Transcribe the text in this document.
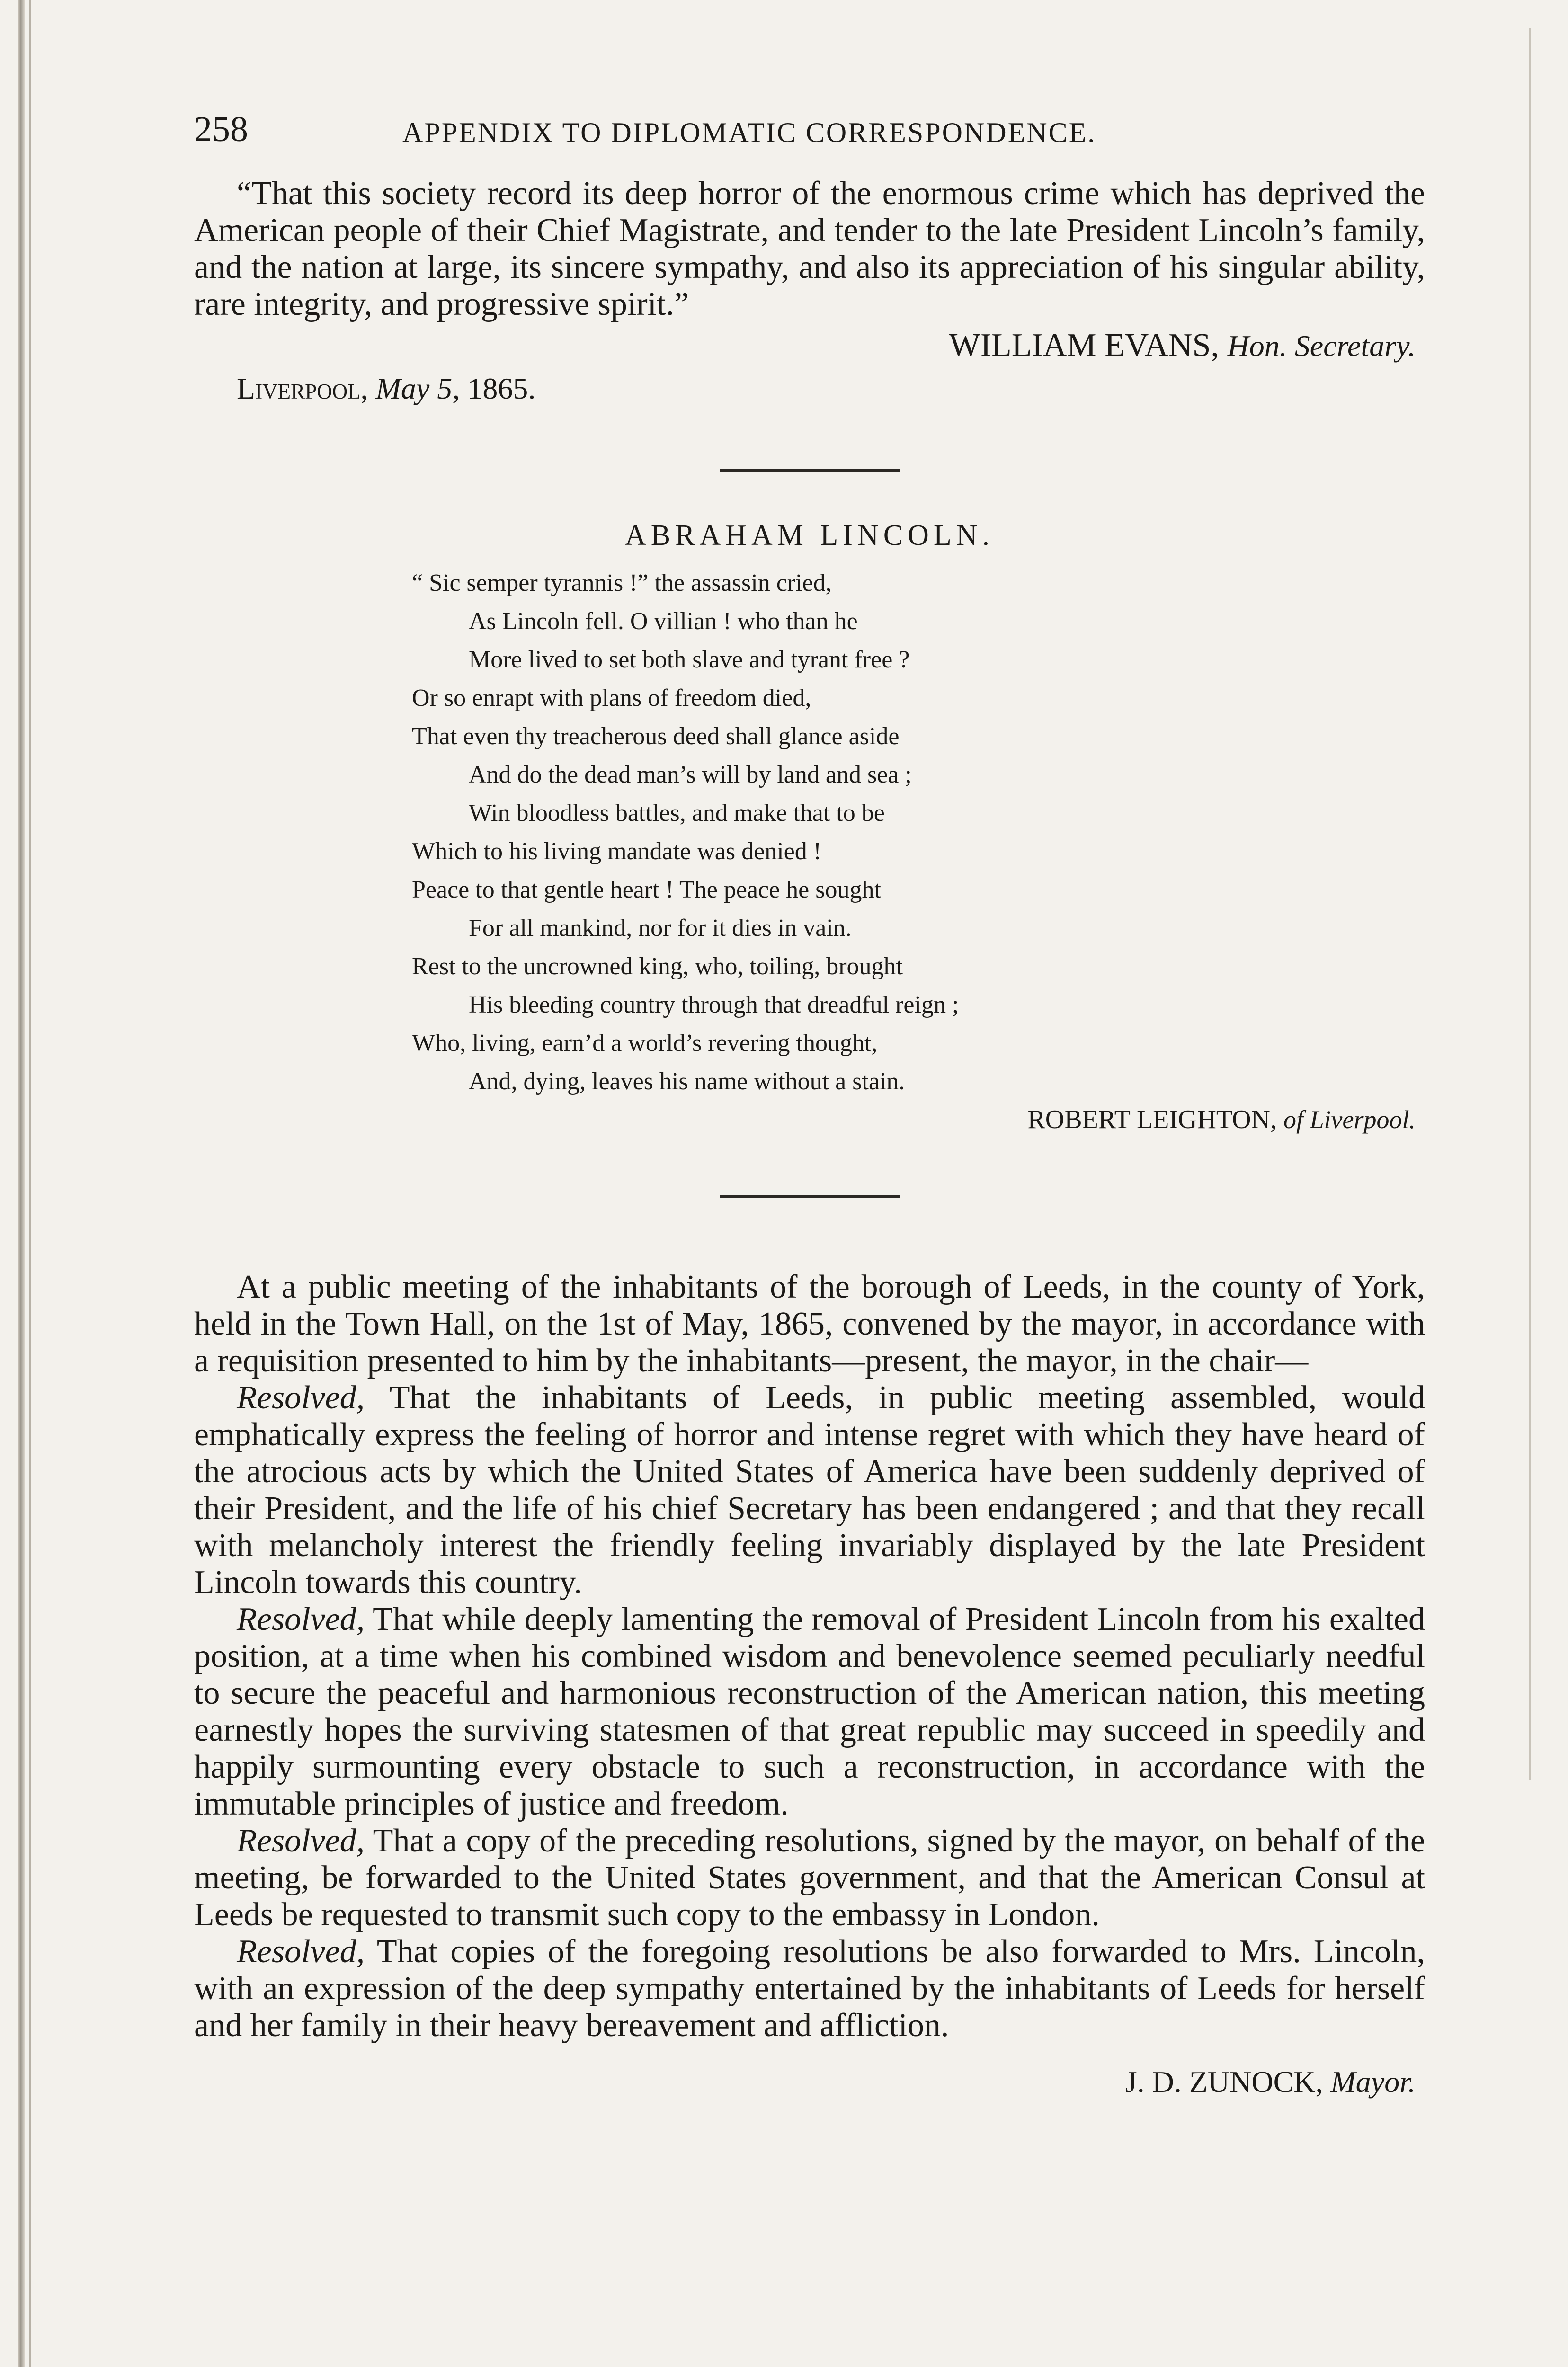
258	APPENDIX TO DIPLOMATIC CORRESPONDENCE.

“That this society record its deep horror of the enormous crime which has deprived the American people of their Chief Magistrate, and tender to the late President Lincoln’s family, and the nation at large, its sincere sympathy, and also its appreciation of his singular ability, rare integrity, and progressive spirit.”

WILLIAM EVANS, Hon. Secretary.

Liverpool, May 5, 1865.

ABRAHAM LINCOLN.
“ Sic semper tyrannis !” the assassin cried,
As Lincoln fell. O villian ! who than he
More lived to set both slave and tyrant free ?
Or so enrapt with plans of freedom died,
That even thy treacherous deed shall glance aside
And do the dead man’s will by land and sea ;
Win bloodless battles, and make that to be
Which to his living mandate was denied !
Peace to that gentle heart ! The peace he sought
For all mankind, nor for it dies in vain.
Rest to the uncrowned king, who, toiling, brought
His bleeding country through that dreadful reign ;
Who, living, earn’d a world’s revering thought,
And, dying, leaves his name without a stain.
ROBERT LEIGHTON, of Liverpool.

At a public meeting of the inhabitants of the borough of Leeds, in the county of York, held in the Town Hall, on the 1st of May, 1865, convened by the mayor, in accordance with a requisition presented to him by the inhabitants—present, the mayor, in the chair—

Resolved, That the inhabitants of Leeds, in public meeting assembled, would emphatically express the feeling of horror and intense regret with which they have heard of the atrocious acts by which the United States of America have been suddenly deprived of their President, and the life of his chief Secretary has been endangered ; and that they recall with melancholy interest the friendly feeling invariably displayed by the late President Lincoln towards this country.

Resolved, That while deeply lamenting the removal of President Lincoln from his exalted position, at a time when his combined wisdom and benevolence seemed peculiarly needful to secure the peaceful and harmonious reconstruction of the American nation, this meeting earnestly hopes the surviving statesmen of that great republic may succeed in speedily and happily surmounting every obstacle to such a reconstruction, in accordance with the immutable principles of justice and freedom.

Resolved, That a copy of the preceding resolutions, signed by the mayor, on behalf of the meeting, be forwarded to the United States government, and that the American Consul at Leeds be requested to transmit such copy to the embassy in London.

Resolved, That copies of the foregoing resolutions be also forwarded to Mrs. Lincoln, with an expression of the deep sympathy entertained by the inhabitants of Leeds for herself and her family in their heavy bereavement and affliction.

J. D. ZUNOCK, Mayor.
